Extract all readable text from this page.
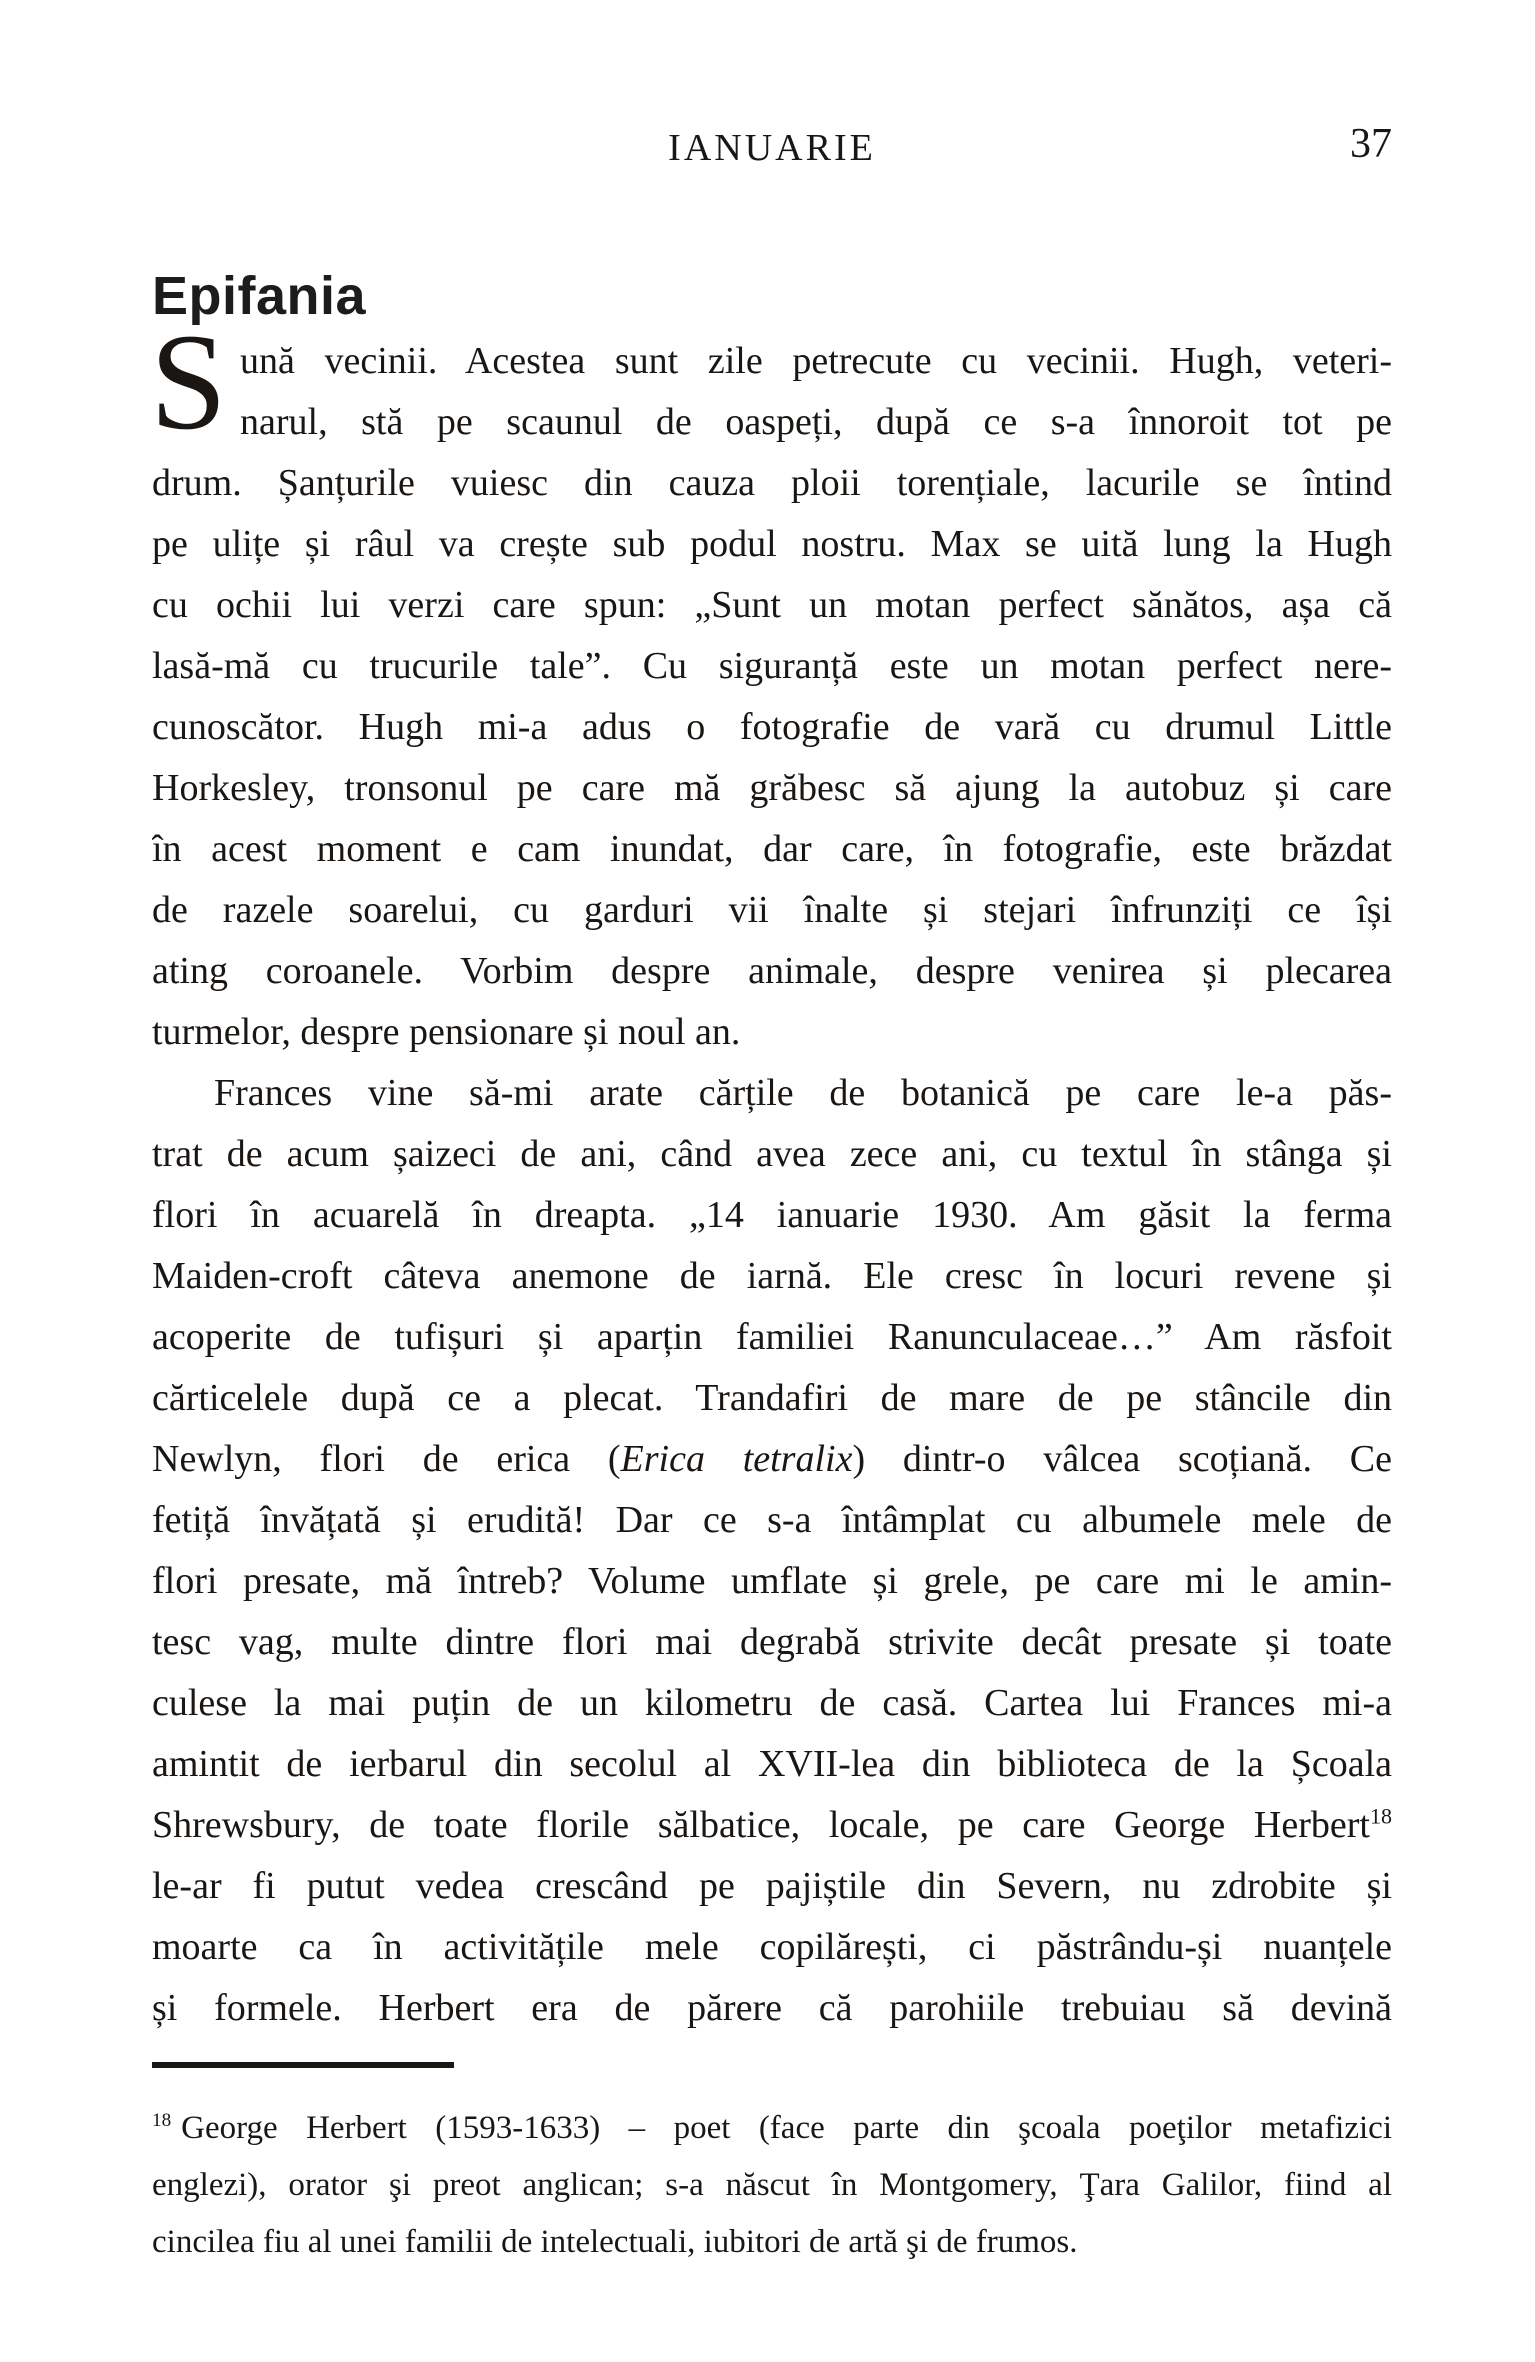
IANUARIE	37
Epifania
S ună vecinii. Acestea sunt zile petrecute cu vecinii. Hugh, veteri-
narul, stă pe scaunul de oaspeți, după ce s-a înnoroit tot pe
drum. Șanțurile vuiesc din cauza ploii torențiale, lacurile se întind
pe ulițe și râul va crește sub podul nostru. Max se uită lung la Hugh
cu ochii lui verzi care spun: „Sunt un motan perfect sănătos, așa că
lasă-mă cu trucurile tale”. Cu siguranță este un motan perfect nere-
cunoscător. Hugh mi-a adus o fotografie de vară cu drumul Little
Horkesley, tronsonul pe care mă grăbesc să ajung la autobuz și care
în acest moment e cam inundat, dar care, în fotografie, este brăzdat
de razele soarelui, cu garduri vii înalte și stejari înfrunziți ce își
ating coroanele. Vorbim despre animale, despre venirea și plecarea
turmelor, despre pensionare și noul an.
Frances vine să-mi arate cărțile de botanică pe care le-a păs-
trat de acum șaizeci de ani, când avea zece ani, cu textul în stânga și
flori în acuarelă în dreapta. „14 ianuarie 1930. Am găsit la ferma
Maiden-croft câteva anemone de iarnă. Ele cresc în locuri revene și
acoperite de tufișuri și aparțin familiei Ranunculaceae…” Am răsfoit
cărticelele după ce a plecat. Trandafiri de mare de pe stâncile din
Newlyn, flori de erica (Erica tetralix) dintr-o vâlcea scoțiană. Ce
fetiță învățată și erudită! Dar ce s-a întâmplat cu albumele mele de
flori presate, mă întreb? Volume umflate și grele, pe care mi le amin-
tesc vag, multe dintre flori mai degrabă strivite decât presate și toate
culese la mai puțin de un kilometru de casă. Cartea lui Frances mi-a
amintit de ierbarul din secolul al XVII-lea din biblioteca de la Școala
Shrewsbury, de toate florile sălbatice, locale, pe care George Herbert$^{18}$
le-ar fi putut vedea crescând pe pajiștile din Severn, nu zdrobite și
moarte ca în activitățile mele copilărești, ci păstrându-și nuanțele
și formele. Herbert era de părere că parohiile trebuiau să devină
$^{18}$ George Herbert (1593-1633) – poet (face parte din şcoala poeţilor metafizici
englezi), orator şi preot anglican; s-a născut în Montgomery, Ţara Galilor, fiind al
cincilea fiu al unei familii de intelectuali, iubitori de artă şi de frumos.
